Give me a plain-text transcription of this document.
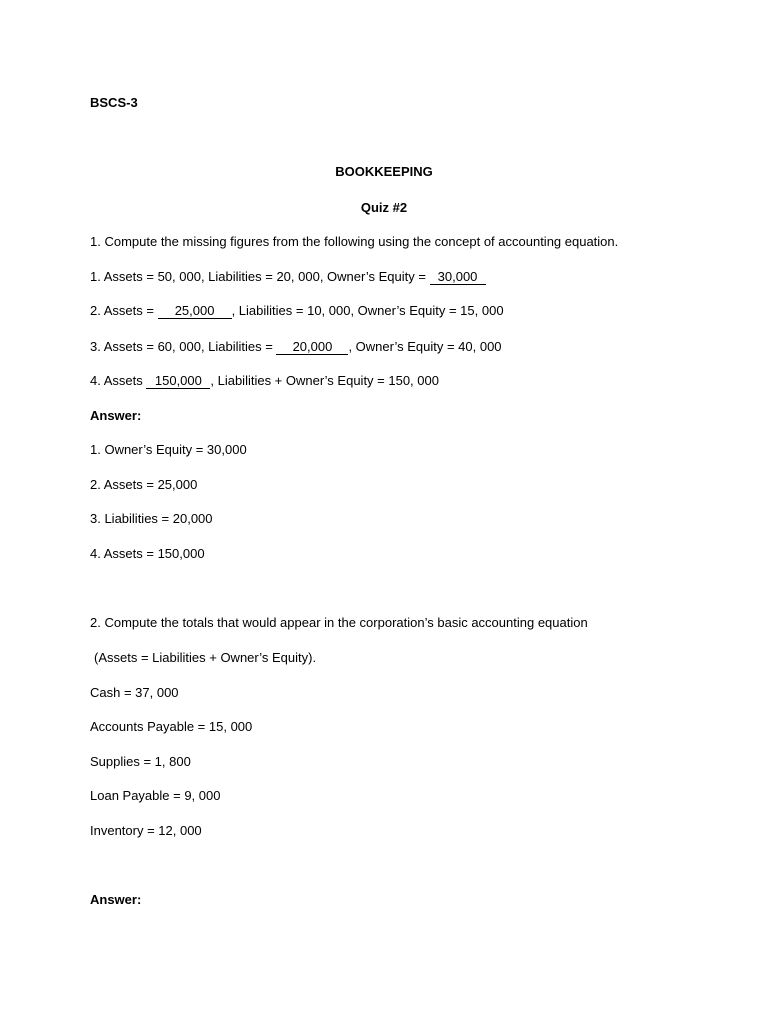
BSCS-3
BOOKKEEPING
Quiz #2
1. Compute the missing figures from the following using the concept of accounting equation.
1. Assets = 50, 000, Liabilities = 20, 000, Owner’s Equity = 30,000
2. Assets = 25,000 , Liabilities = 10, 000, Owner’s Equity = 15, 000
3. Assets = 60, 000, Liabilities = 20,000 , Owner’s Equity = 40, 000
4. Assets 150,000 , Liabilities + Owner’s Equity = 150, 000
Answer:
1. Owner’s Equity = 30,000
2. Assets = 25,000
3. Liabilities = 20,000
4. Assets = 150,000
2. Compute the totals that would appear in the corporation’s basic accounting equation
(Assets = Liabilities + Owner’s Equity).
Cash = 37, 000
Accounts Payable = 15, 000
Supplies = 1, 800
Loan Payable = 9, 000
Inventory = 12, 000
Answer:
